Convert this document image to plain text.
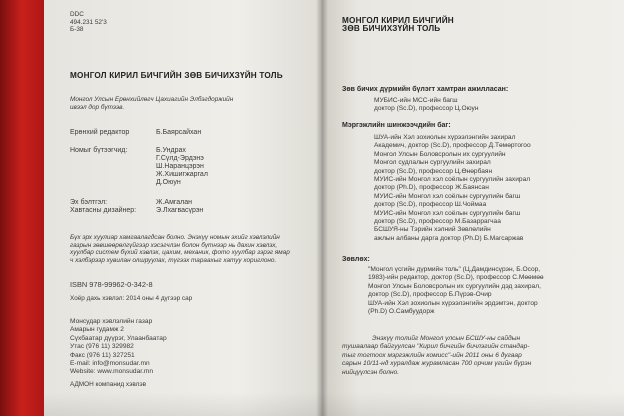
DDC
494.231 52'3
Б-38
МОНГОЛ КИРИЛ БИЧГИЙН ЗӨВ БИЧИХЗҮЙН ТОЛЬ
Монгол Улсын Ерөнхийлөгч Цахиагийн Элбэгдоржийн
ивээл дор бүтээв.
Ерөнхий редактор	Б.Баярсайхан
Номыг бүтээгчид:	Б.Ундрах
Г.Сүлд-Эрдэнэ
Ш.Наранцэрэн
Ж.Хишигжаргал
Д.Оюун
Эх бэлтгэл:
Хавтасны дизайнер:
Ж.Амгалан
Э.Лхагвасүрэн
Бүх эрх хуулиар хамгаалагдсан болно. Энэхүү номын эхийг хэвлэлийн
газрын зөвшөөрөлгүйгээр хэсэгчлэн болон бүтнээр нь дахин хэвлэх,
хуулбар систем бүхий хэвлэх, цахим, механик, фото хуулбар зэрэг ямар
ч хэлбэрээр хувилан олшруулах, түгээх тараахыг хатуу хориглоно.
ISBN 978-99962-0-342-8
Хоёр дахь хэвлэл: 2014 оны 4 дүгээр сар
Монсудар хэвлэлийн газар
Амарын гудамж 2
Сүхбаатар дүүрэг, Улаанбаатар
Утас (976 11) 329982
Факс (976 11) 327251
E-mail: info@monsudar.mn
Website: www.monsudar.mn
АДМОН компанид хэвлэв
МОНГОЛ КИРИЛ БИЧГИЙН
ЗӨВ БИЧИХЗҮЙН ТОЛЬ
Зөв бичих дүрмийн бүлэгт хамтран ажилласан:
МУБИС-ийн МСС-ийн багш
доктор (Sc.D), профессор Ц.Оюун
Мэргэжлийн шинжээчдийн баг:
ШУА-ийн Хэл зохиолын хүрээлэнгийн захирал
Академич, доктор (Sc.D), профессор Д.Төмөртогоо
Монгол Улсын Боловсролын их сургуулийн
Монгол судлалын сургуулийн захирал
доктор (Sc.D), профессор Ц.Өнөрбаян
МУИС-ийн Монгол хэл соёлын сургуулийн захирал
доктор (Ph.D), профессор Ж.Баянсан
МУИС-ийн Монгол хэл соёлын сургуулийн багш
доктор (Sc.D), профессор Ш.Чоймаа
МУИС-ийн Монгол хэл соёлын сургуулийн багш
доктор (Sc.D), профессор М.Базаррагчаа
БСШУЯ-ны Тэрийн хэлний Зөвлөлийн
ажлын албаны дарга доктор (Ph.D) Б.Магсаржав
Зөвлөх:
"Монгол үсгийн дүрмийн толь" (Ц.Дамдинсүрэн, Б.Осор,
1983)-ийн редактор, доктор (Sc.D), профессор С.Мөөмөө
Монгол Улсын Боловсролын их сургуулийн дэд захирал,
доктор (Sc.D), профессор Б.Пүрэв-Очир
ШУА-ийн Хэл зохиолын хүрээлэнгийн эрдэмтэн, доктор
(Ph.D) О.Самбуудорж
Энэхүү толийг Монгол улсын БСШУ-ны сайдын
тушаалаар байгуулсан "Кирил бичгийн бичлэгийн стандар-
тыг тогтоох мэргэжлийн комисс"-ийн 2011 оны 6 дугаар
сарын 10/11-нд хуралдаж журамласан 700 орчим үгийн бүрэн
нийцүүлсэн болно.
